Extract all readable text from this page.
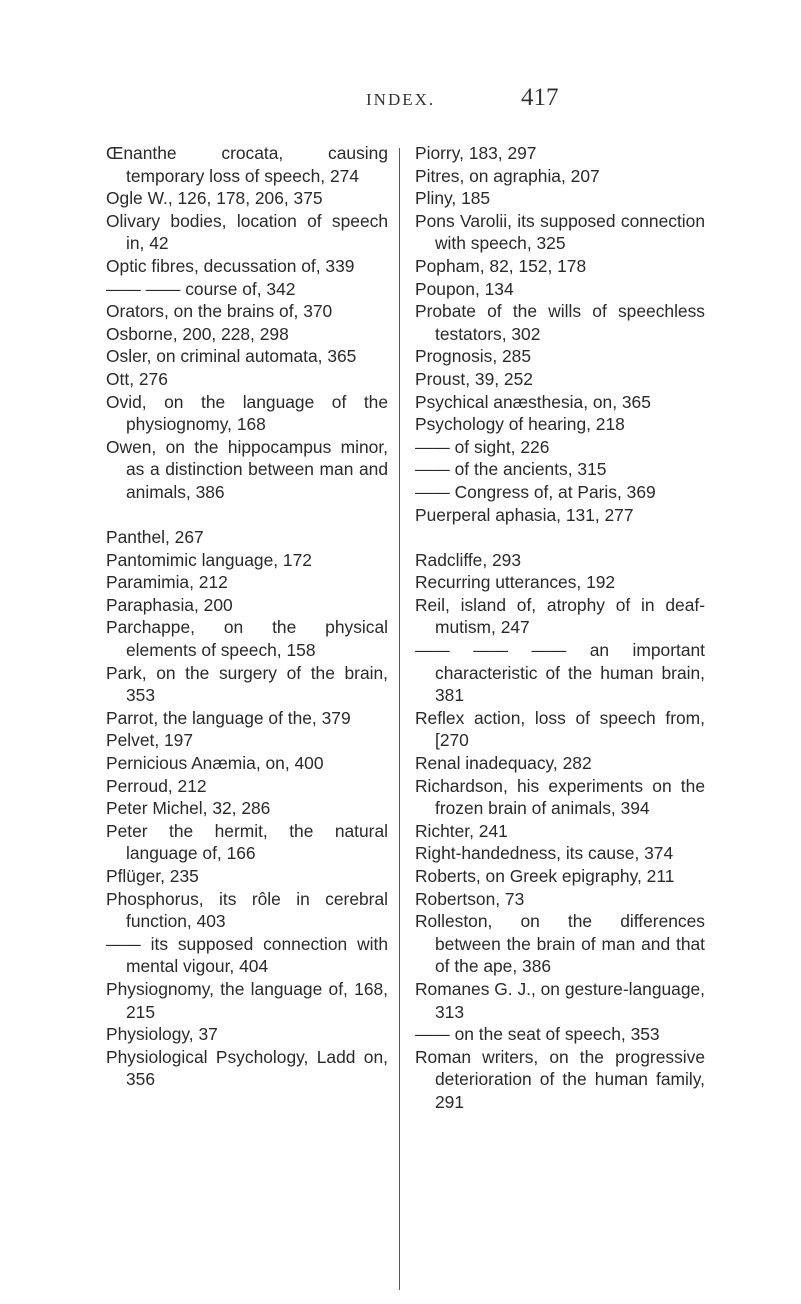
INDEX.	417

Œnanthe crocata, causing temporary loss of speech, 274

Ogle W., 126, 178, 206, 375

Olivary bodies, location of speech in, 42

Optic fibres, decussation of, 339

—— —— course of, 342

Orators, on the brains of, 370

Osborne, 200, 228, 298

Osler, on criminal automata, 365

Ott, 276

Ovid, on the language of the physiognomy, 168

Owen, on the hippocampus minor, as a distinction between man and animals, 386

Panthel, 267

Pantomimic language, 172

Paramimia, 212

Paraphasia, 200

Parchappe, on the physical elements of speech, 158

Park, on the surgery of the brain, 353

Parrot, the language of the, 379

Pelvet, 197

Pernicious Anæmia, on, 400

Perroud, 212

Peter Michel, 32, 286

Peter the hermit, the natural language of, 166

Pflüger, 235

Phosphorus, its rôle in cerebral function, 403

—— its supposed connection with mental vigour, 404

Physiognomy, the language of, 168, 215

Physiology, 37

Physiological Psychology, Ladd on, 356

Piorry, 183, 297

Pitres, on agraphia, 207

Pliny, 185

Pons Varolii, its supposed connection with speech, 325

Popham, 82, 152, 178

Poupon, 134

Probate of the wills of speechless testators, 302

Prognosis, 285

Proust, 39, 252

Psychical anæsthesia, on, 365

Psychology of hearing, 218

—— of sight, 226

—— of the ancients, 315

—— Congress of, at Paris, 369

Puerperal aphasia, 131, 277

Radcliffe, 293

Recurring utterances, 192

Reil, island of, atrophy of in deaf-mutism, 247

—— —— —— an important characteristic of the human brain, 381

Reflex action, loss of speech from, [270

Renal inadequacy, 282

Richardson, his experiments on the frozen brain of animals, 394

Richter, 241

Right-handedness, its cause, 374

Roberts, on Greek epigraphy, 211

Robertson, 73

Rolleston, on the differences between the brain of man and that of the ape, 386

Romanes G. J., on gesture-language, 313

—— on the seat of speech, 353

Roman writers, on the progressive deterioration of the human family, 291
